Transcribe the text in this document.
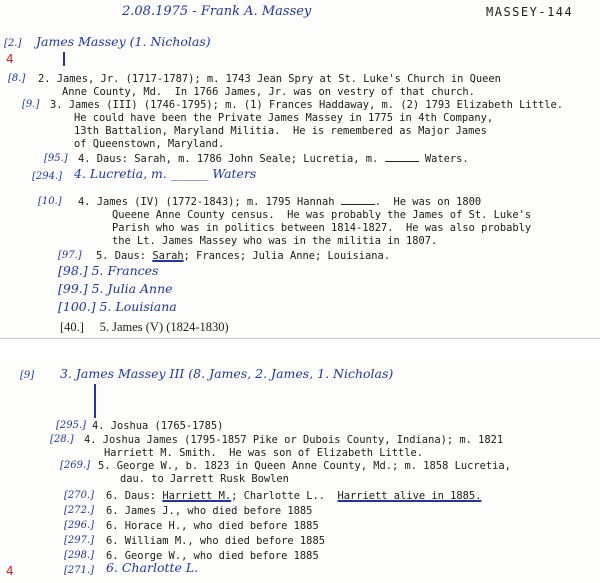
2.08.1975 - Frank A. Massey	MASSEY-144
[2.] James Massey (1. Nicholas)
4
[8.] 2. James, Jr. (1717-1787); m. 1743 Jean Spry at St. Luke's Church in Queen
Anne County, Md.  In 1766 James, Jr. was on vestry of that church.
[9.] 3. James (III) (1746-1795); m. (1) Frances Haddaway, m. (2) 1793 Elizabeth Little.
He could have been the Private James Massey in 1775 in 4th Company,
13th Battalion, Maryland Militia.  He is remembered as Major James
of Queenstown, Maryland.
[95.] 4. Daus: Sarah, m. 1786 John Seale; Lucretia, m.	Waters.
[294.] 4. Lucretia, m. ______ Waters
[10.] 4. James (IV) (1772-1843); m. 1795 Hannah	.  He was on 1800
Queene Anne County census.  He was probably the James of St. Luke's
Parish who was in politics between 1814-1827.  He was also probably
the Lt. James Massey who was in the militia in 1807.
[97.] 5. Daus: Sarah; Frances; Julia Anne; Louisiana.
[98.] 5. Frances
[99.] 5. Julia Anne
[100.] 5. Louisiana
[40.]     5. James (V) (1824-1830)
[9] 3. James Massey III (8. James, 2. James, 1. Nicholas)
[295.] 4. Joshua (1765-1785)
[28.] 4. Joshua James (1795-1857 Pike or Dubois County, Indiana); m. 1821
Harriett M. Smith.  He was son of Elizabeth Little.
[269.] 5. George W., b. 1823 in Queen Anne County, Md.; m. 1858 Lucretia,
dau. to Jarrett Rusk Bowlen
[270.] 6. Daus: Harriett M.; Charlotte L..  Harriett alive in 1885.
[272.] 6. James J., who died before 1885
[296.] 6. Horace H., who died before 1885
[297.] 6. William M., who died before 1885
[298.] 6. George W., who died before 1885
4	[271.] 6. Charlotte L.
